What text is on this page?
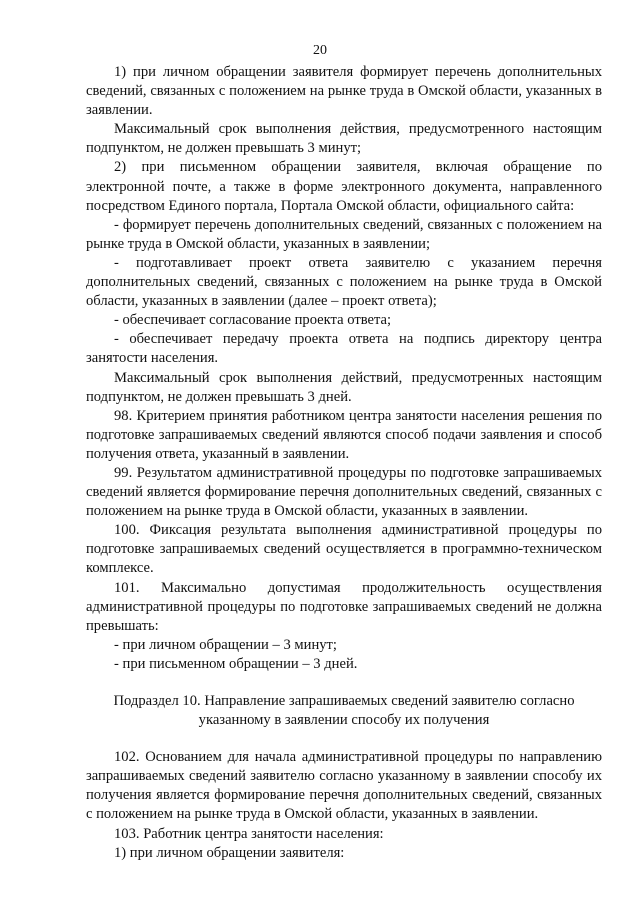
20

1) при личном обращении заявителя формирует перечень дополнительных сведений, связанных с положением на рынке труда в Омской области, указанных в заявлении.

Максимальный срок выполнения действия, предусмотренного настоящим подпунктом, не должен превышать 3 минут;

2) при письменном обращении заявителя, включая обращение по электронной почте, а также в форме электронного документа, направленного посредством Единого портала, Портала Омской области, официального сайта:

- формирует перечень дополнительных сведений, связанных с положением на рынке труда в Омской области, указанных в заявлении;

- подготавливает проект ответа заявителю с указанием перечня дополнительных сведений, связанных с положением на рынке труда в Омской области, указанных в заявлении (далее – проект ответа);

- обеспечивает согласование проекта ответа;

- обеспечивает передачу проекта ответа на подпись директору центра занятости населения.

Максимальный срок выполнения действий, предусмотренных настоящим подпунктом, не должен превышать 3 дней.

98. Критерием принятия работником центра занятости населения решения по подготовке запрашиваемых сведений являются способ подачи заявления и способ получения ответа, указанный в заявлении.

99. Результатом административной процедуры по подготовке запрашиваемых сведений является формирование перечня дополнительных сведений, связанных с положением на рынке труда в Омской области, указанных в заявлении.

100. Фиксация результата выполнения административной процедуры по подготовке запрашиваемых сведений осуществляется в программно-техническом комплексе.

101. Максимально допустимая продолжительность осуществления административной процедуры по подготовке запрашиваемых сведений не должна превышать:

- при личном обращении – 3 минут;

- при письменном обращении – 3 дней.

Подраздел 10. Направление запрашиваемых сведений заявителю согласно указанному в заявлении способу их получения

102. Основанием для начала административной процедуры по направлению запрашиваемых сведений заявителю согласно указанному в заявлении способу их получения является формирование перечня дополнительных сведений, связанных с положением на рынке труда в Омской области, указанных в заявлении.

103. Работник центра занятости населения:

1) при личном обращении заявителя:
